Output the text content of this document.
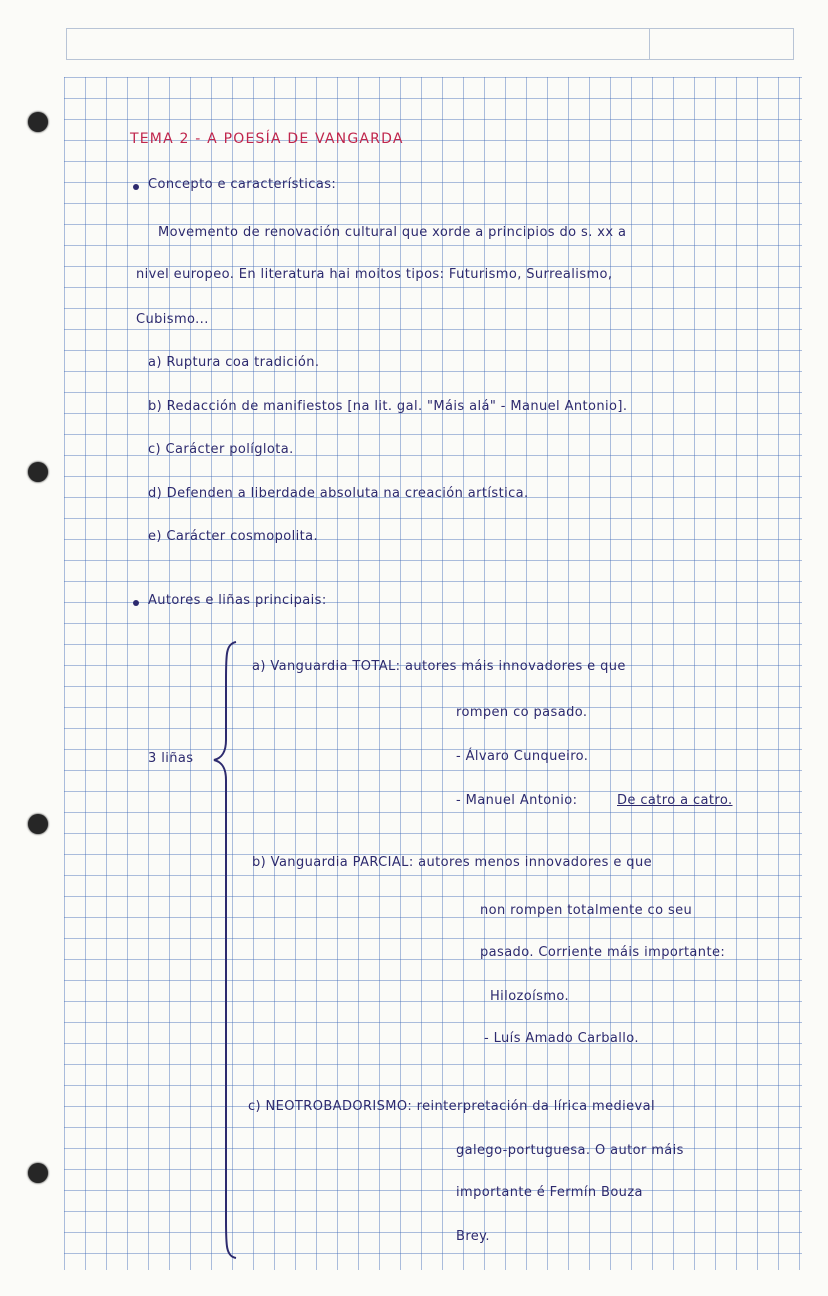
TEMA 2 - A POESÍA DE VANGARDA
Concepto e características:
Movemento de renovación cultural que xorde a principios do s. xx a
nivel europeo. En literatura hai moitos tipos: Futurismo, Surrealismo,
Cubismo...
a) Ruptura coa tradición.
b) Redacción de manifiestos [na lit. gal. "Máis alá" - Manuel Antonio].
c) Carácter políglota.
d) Defenden a liberdade absoluta na creación artística.
e) Carácter cosmopolita.
Autores e liñas principais:
3 liñas
a) Vanguardia TOTAL: autores máis innovadores e que
rompen co pasado.
- Álvaro Cunqueiro.
- Manuel Antonio:	De catro a catro.
b) Vanguardia PARCIAL: autores menos innovadores e que
non rompen totalmente co seu
pasado. Corriente máis importante:
Hilozoísmo.
- Luís Amado Carballo.
c) NEOTROBADORISMO: reinterpretación da lírica medieval
galego-portuguesa. O autor máis
importante é Fermín Bouza
Brey.
